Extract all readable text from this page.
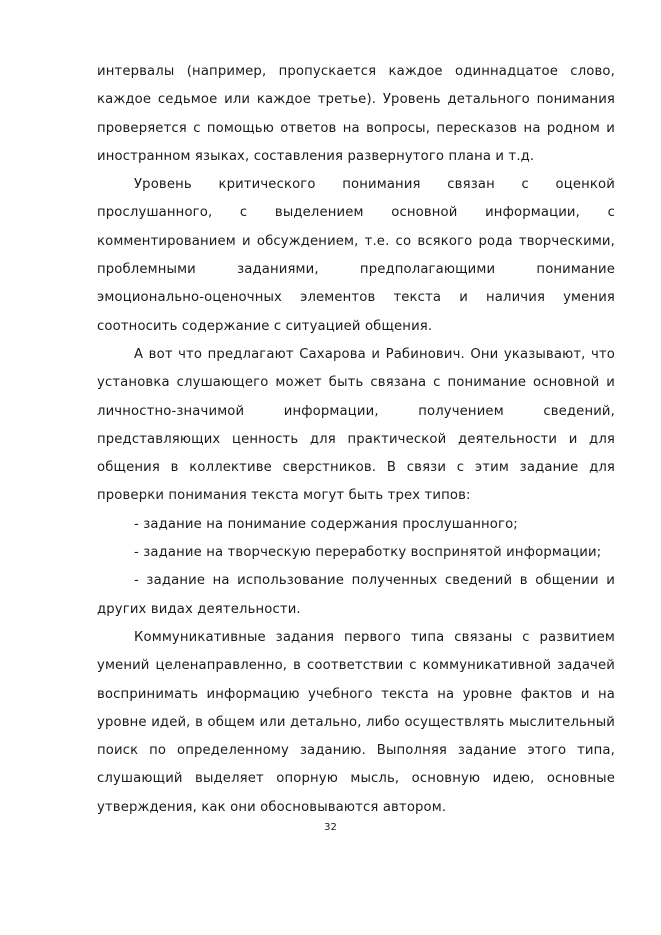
интервалы (например, пропускается каждое одиннадцатое слово, каждое седьмое или каждое третье). Уровень детального понимания проверяется с помощью ответов на вопросы, пересказов на родном и иностранном языках, составления развернутого плана и т.д.

Уровень критического понимания связан с оценкой прослушанного, с выделением основной информации, с комментированием и обсуждением, т.е. со всякого рода творческими, проблемными заданиями, предполагающими понимание эмоционально-оценочных элементов текста и наличия умения соотносить содержание с ситуацией общения.

А вот что предлагают Сахарова и Рабинович. Они указывают, что установка слушающего может быть связана с понимание основной и личностно-значимой информации, получением сведений, представляющих ценность для практической деятельности и для общения в коллективе сверстников. В связи с этим задание для проверки понимания текста могут быть трех типов:

- задание на понимание содержания прослушанного;

- задание на творческую переработку воспринятой информации;

- задание на использование полученных сведений в общении и других видах деятельности.

Коммуникативные задания первого типа связаны с развитием умений целенаправленно, в соответствии с коммуникативной задачей воспринимать информацию учебного текста на уровне фактов и на уровне идей, в общем или детально, либо осуществлять мыслительный поиск по определенному заданию. Выполняя задание этого типа, слушающий выделяет опорную мысль, основную идею, основные утверждения, как они обосновываются автором.

32
